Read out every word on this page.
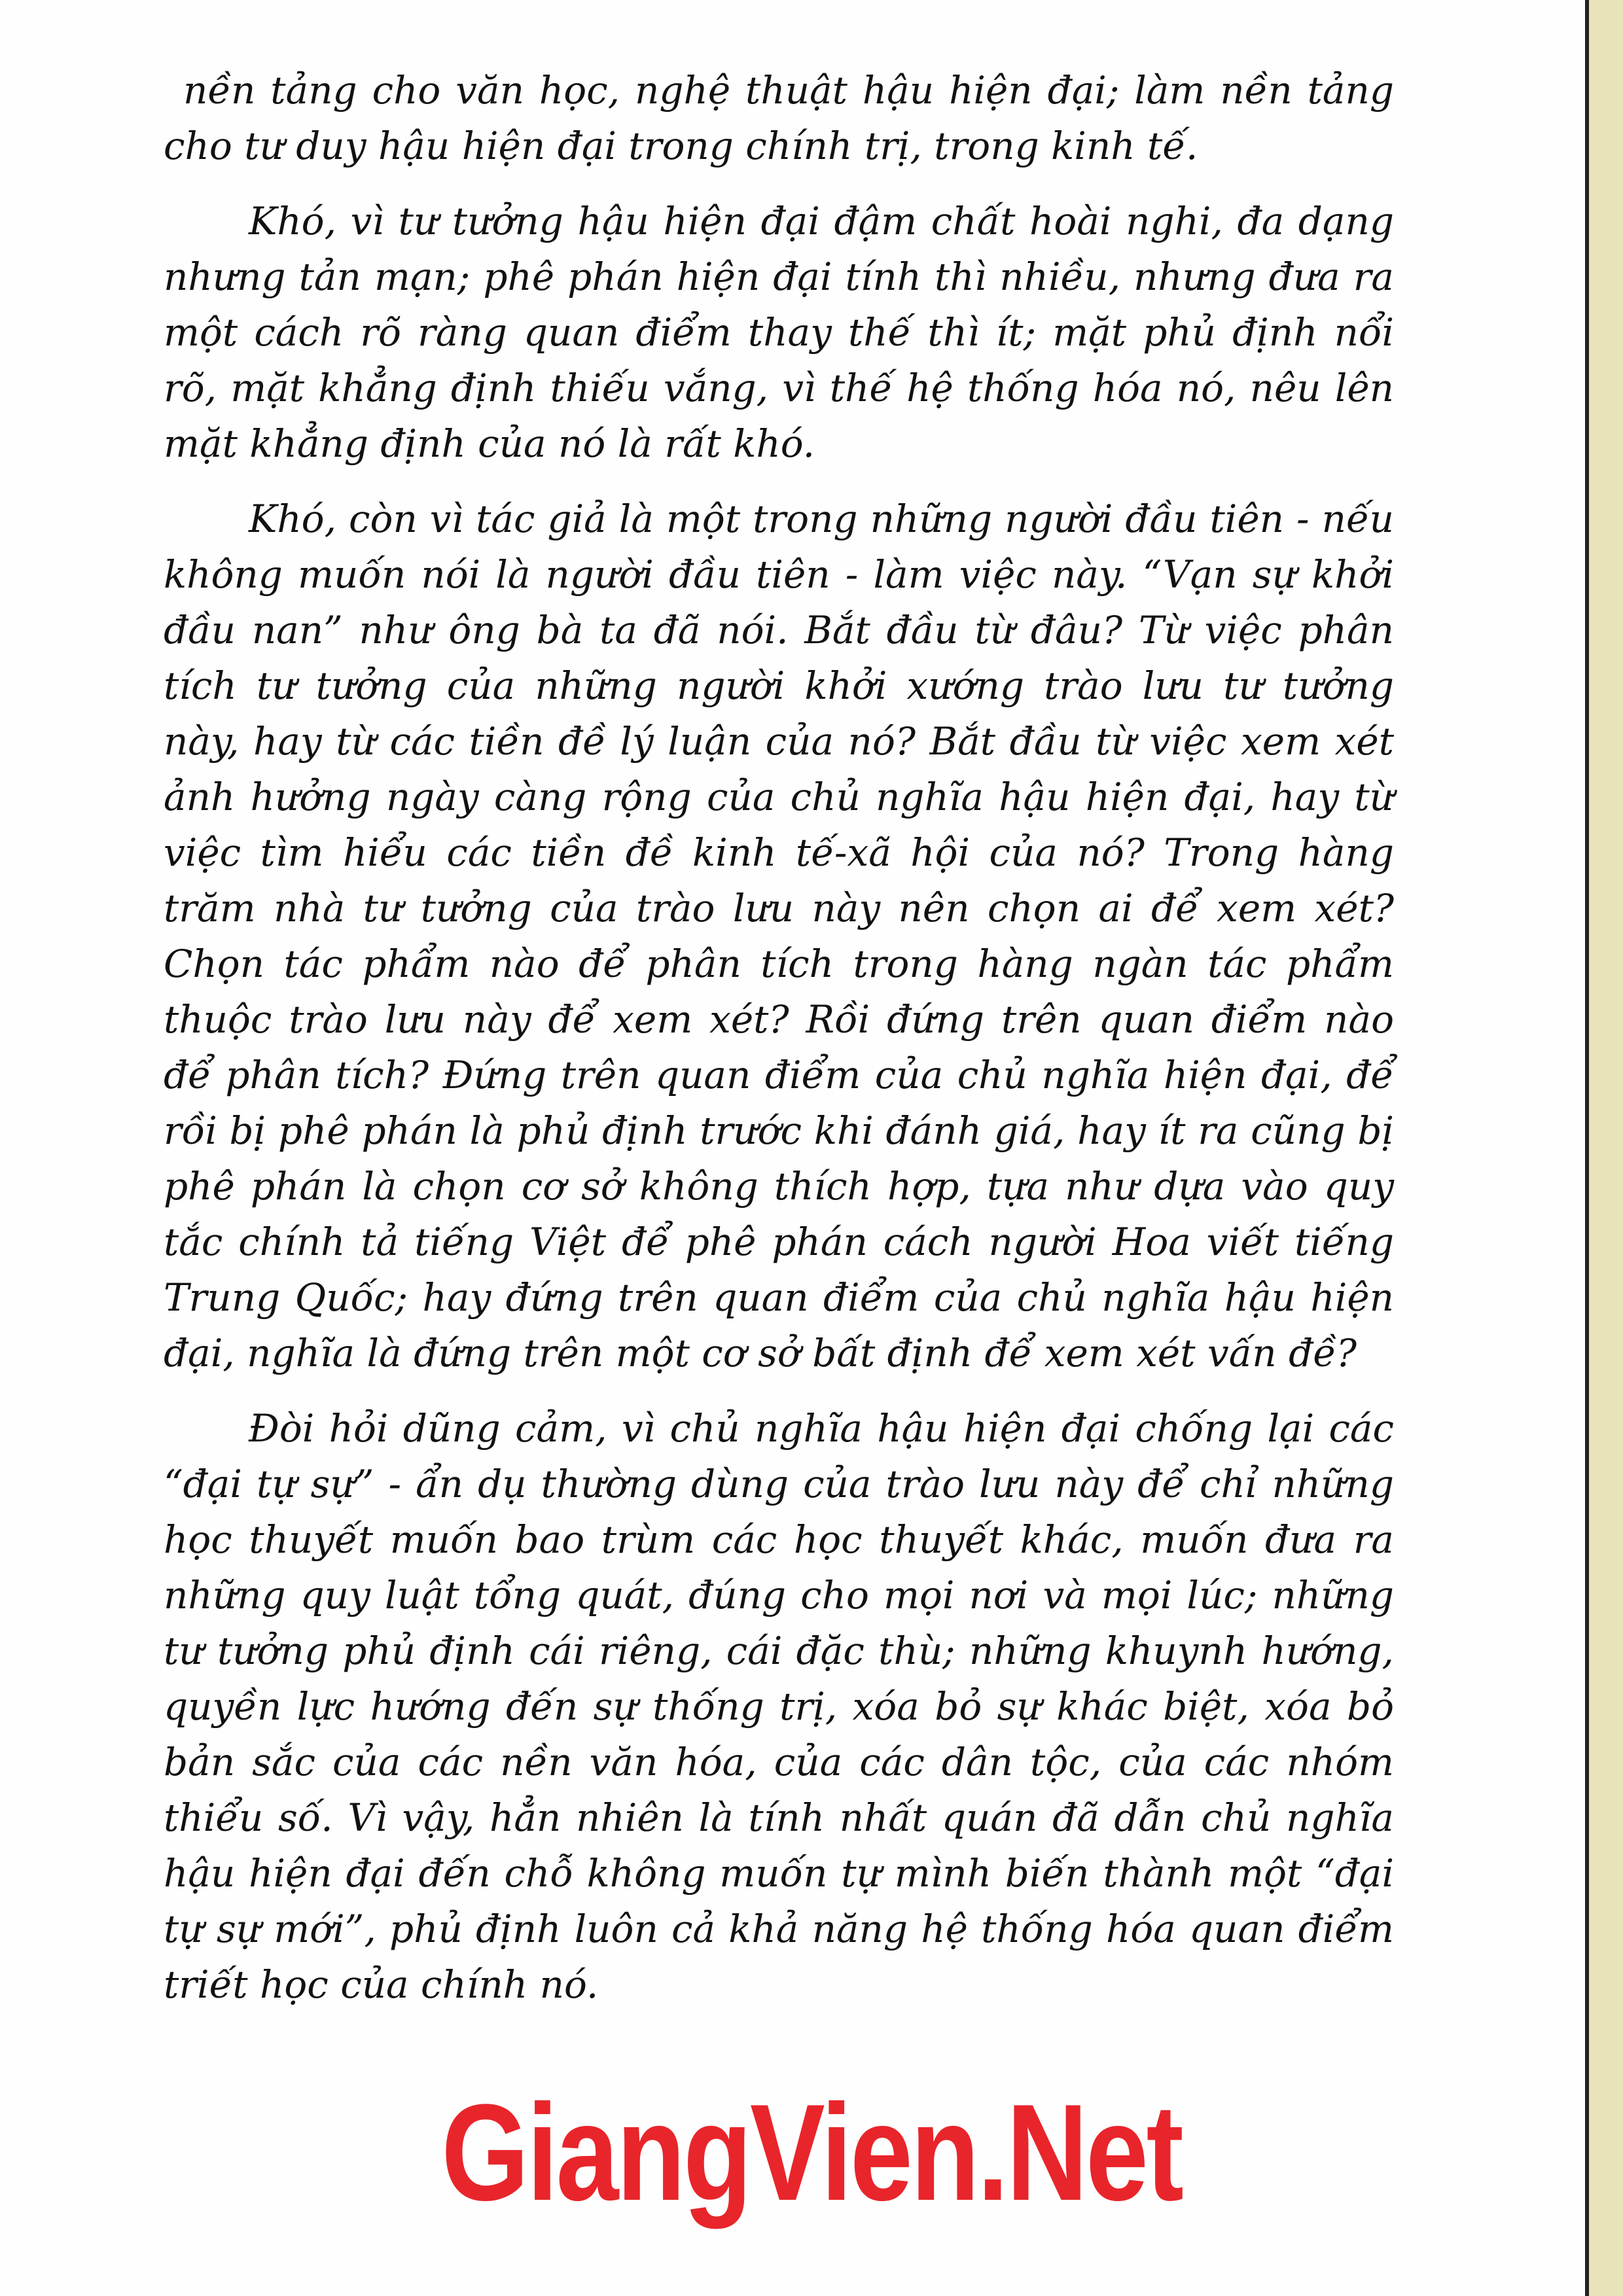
nền tảng cho văn học, nghệ thuật hậu hiện đại; làm nền tảng cho tư duy hậu hiện đại trong chính trị, trong kinh tế.

Khó, vì tư tưởng hậu hiện đại đậm chất hoài nghi, đa dạng nhưng tản mạn; phê phán hiện đại tính thì nhiều, nhưng đưa ra một cách rõ ràng quan điểm thay thế thì ít; mặt phủ định nổi rõ, mặt khẳng định thiếu vắng, vì thế hệ thống hóa nó, nêu lên mặt khẳng định của nó là rất khó.

Khó, còn vì tác giả là một trong những người đầu tiên - nếu không muốn nói là người đầu tiên - làm việc này. “Vạn sự khởi đầu nan” như ông bà ta đã nói. Bắt đầu từ đâu? Từ việc phân tích tư tưởng của những người khởi xướng trào lưu tư tưởng này, hay từ các tiền đề lý luận của nó? Bắt đầu từ việc xem xét ảnh hưởng ngày càng rộng của chủ nghĩa hậu hiện đại, hay từ việc tìm hiểu các tiền đề kinh tế-xã hội của nó? Trong hàng trăm nhà tư tưởng của trào lưu này nên chọn ai để xem xét? Chọn tác phẩm nào để phân tích trong hàng ngàn tác phẩm thuộc trào lưu này để xem xét? Rồi đứng trên quan điểm nào để phân tích? Đứng trên quan điểm của chủ nghĩa hiện đại, để rồi bị phê phán là phủ định trước khi đánh giá, hay ít ra cũng bị phê phán là chọn cơ sở không thích hợp, tựa như dựa vào quy tắc chính tả tiếng Việt để phê phán cách người Hoa viết tiếng Trung Quốc; hay đứng trên quan điểm của chủ nghĩa hậu hiện đại, nghĩa là đứng trên một cơ sở bất định để xem xét vấn đề?

Đòi hỏi dũng cảm, vì chủ nghĩa hậu hiện đại chống lại các “đại tự sự” - ẩn dụ thường dùng của trào lưu này để chỉ những học thuyết muốn bao trùm các học thuyết khác, muốn đưa ra những quy luật tổng quát, đúng cho mọi nơi và mọi lúc; những tư tưởng phủ định cái riêng, cái đặc thù; những khuynh hướng, quyền lực hướng đến sự thống trị, xóa bỏ sự khác biệt, xóa bỏ bản sắc của các nền văn hóa, của các dân tộc, của các nhóm thiểu số. Vì vậy, hẳn nhiên là tính nhất quán đã dẫn chủ nghĩa hậu hiện đại đến chỗ không muốn tự mình biến thành một “đại tự sự mới”, phủ định luôn cả khả năng hệ thống hóa quan điểm triết học của chính nó.

GiangVien.Net
